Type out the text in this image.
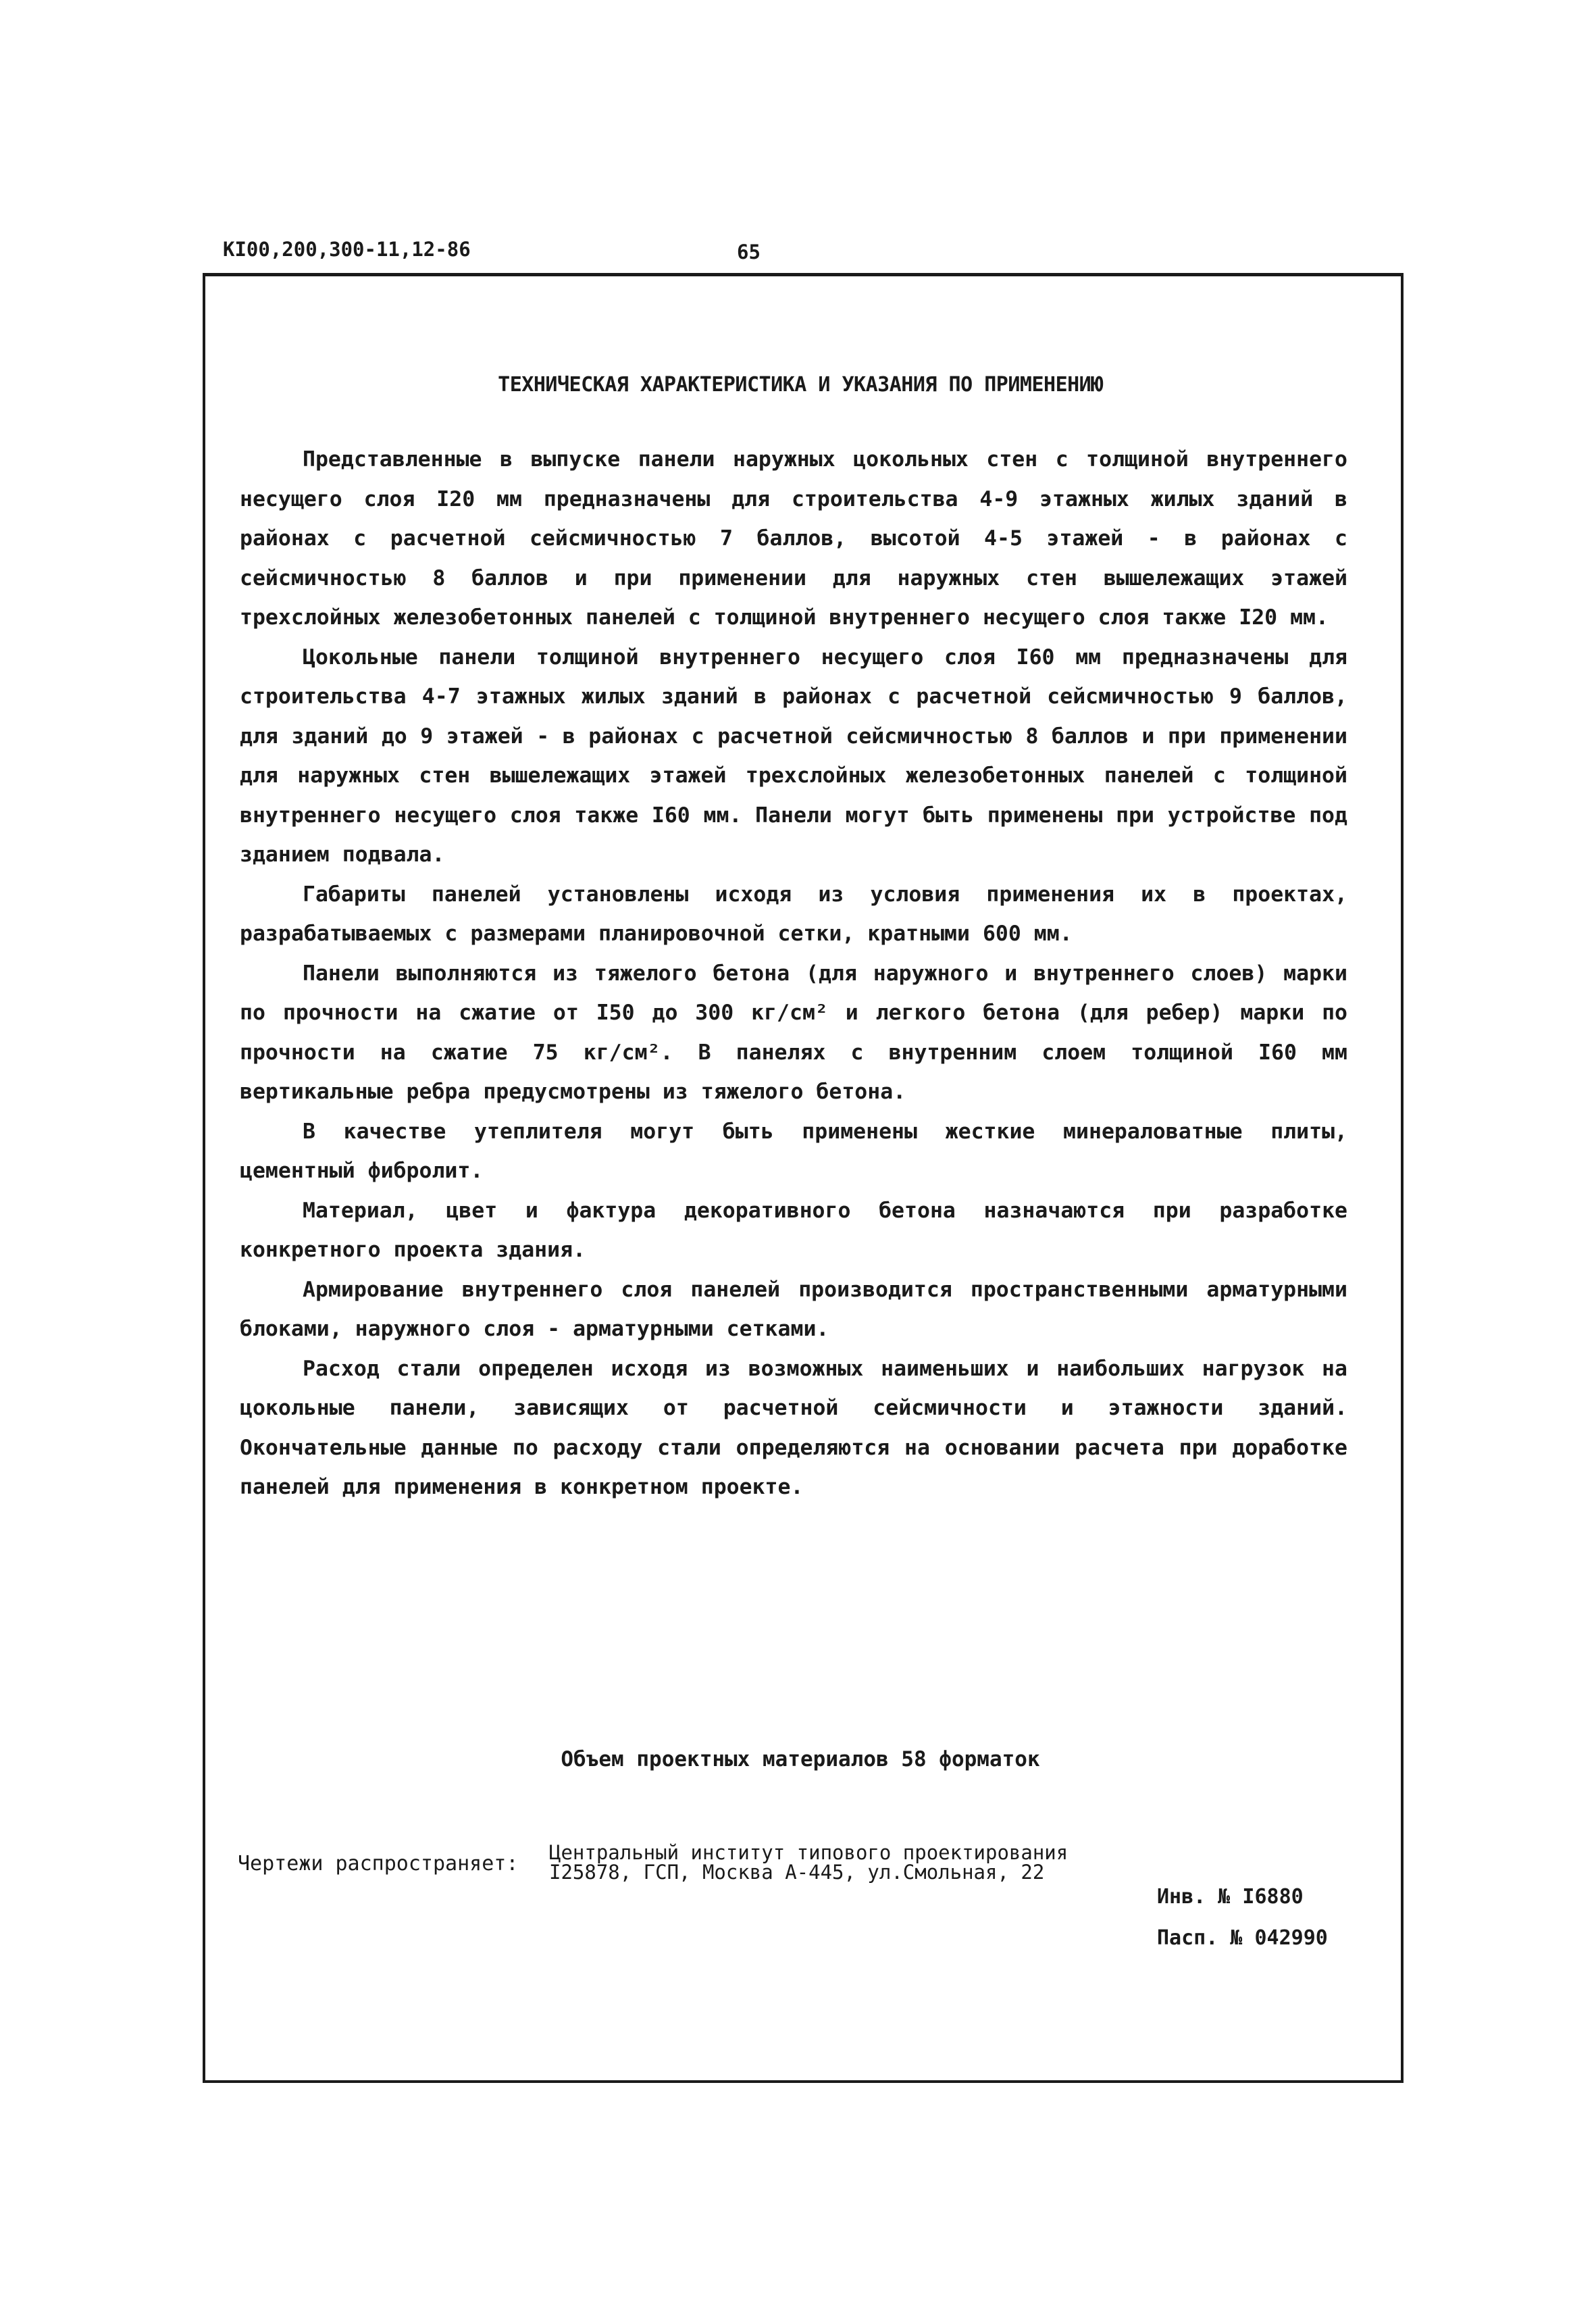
КI00,200,300-11,12-86	65
ТЕХНИЧЕСКАЯ ХАРАКТЕРИСТИКА И УКАЗАНИЯ ПО ПРИМЕНЕНИЮ

Представленные в выпуске панели наружных цокольных стен с толщиной внутреннего несущего слоя I20 мм предназначены для строительства 4-9 этажных жилых зданий в районах с расчетной сейсмичностью 7 баллов, высотой 4-5 этажей - в районах с сейсмичностью 8 баллов и при применении для наружных стен вышележащих этажей трехслойных железобетонных панелей с толщиной внутреннего несущего слоя также I20 мм.

Цокольные панели толщиной внутреннего несущего слоя I60 мм предназначены для строительства 4-7 этажных жилых зданий в районах с расчетной сейсмичностью 9 баллов, для зданий до 9 этажей - в районах с расчетной сейсмичностью 8 баллов и при применении для наружных стен вышележащих этажей трехслойных железобетонных панелей с толщиной внутреннего несущего слоя также I60 мм. Панели могут быть применены при устройстве под зданием подвала.

Габариты панелей установлены исходя из условия применения их в проектах, разрабатываемых с размерами планировочной сетки, кратными 600 мм.

Панели выполняются из тяжелого бетона (для наружного и внутреннего слоев) марки по прочности на сжатие от I50 до 300 кг/см² и легкого бетона (для ребер) марки по прочности на сжатие 75 кг/см². В панелях с внутренним слоем толщиной I60 мм вертикальные ребра предусмотрены из тяжелого бетона.

В качестве утеплителя могут быть применены жесткие минераловатные плиты, цементный фибролит.

Материал, цвет и фактура декоративного бетона назначаются при разработке конкретного проекта здания.

Армирование внутреннего слоя панелей производится пространственными арматурными блоками, наружного слоя - арматурными сетками.

Расход стали определен исходя из возможных наименьших и наибольших нагрузок на цокольные панели, зависящих от расчетной сейсмичности и этажности зданий. Окончательные данные по расходу стали определяются на основании расчета при доработке панелей для применения в конкретном проекте.

Объем проектных материалов 58 форматок
Чертежи распространяет: Центральный институт типового проектирования
I25878, ГСП, Москва А-445, ул.Смольная, 22
Инв. № I6880
Пасп. № 042990
